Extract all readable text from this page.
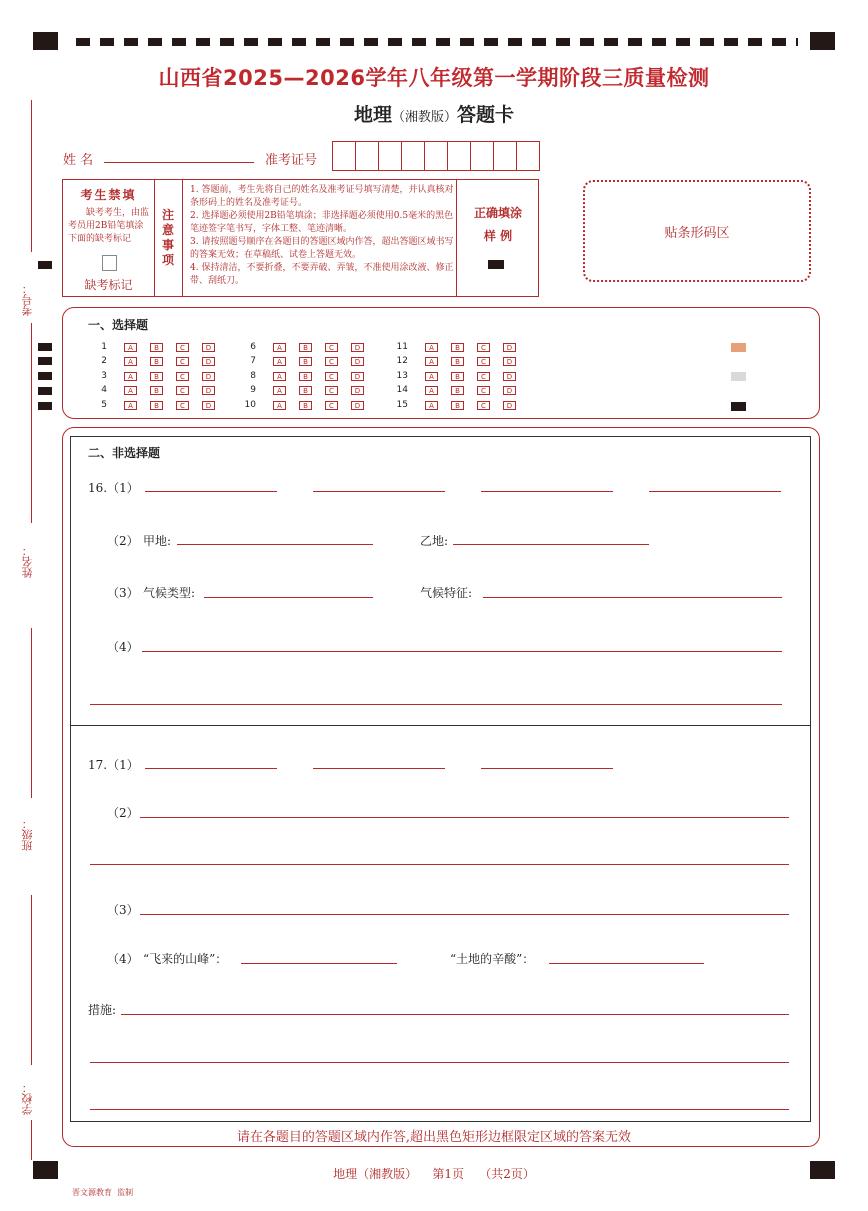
山西省2025—2026学年八年级第一学期阶段三质量检测
地理（湘教版）答题卡
考号：
姓名：
班级：
学校：
姓 名	准考证号
考生禁填
缺考考生，由监考员用2B铅笔填涂下面的缺考标记
缺考标记
注意事项
1. 答题前，考生先将自己的姓名及准考证号填写清楚，并认真核对条形码上的姓名及准考证号。
2. 选择题必须使用2B铅笔填涂；非选择题必须使用0.5毫米的黑色笔迹签字笔书写，字体工整、笔迹清晰。
3. 请按照题号顺序在各题目的答题区域内作答，超出答题区域书写的答案无效；在草稿纸、试卷上答题无效。
4. 保持清洁，不要折叠，不要弄破、弄皱，不准使用涂改液、修正带、刮纸刀。
正确填涂
样 例	贴条形码区
一、选择题
1	A	B	C	D
2	A	B	C	D
3	A	B	C	D
4	A	B	C	D
5	A	B	C	D
6	A	B	C	D
7	A	B	C	D
8	A	B	C	D
9	A	B	C	D
10	A	B	C	D
11	A	B	C	D
12	A	B	C	D
13	A	B	C	D
14	A	B	C	D
15	A	B	C	D
二、非选择题
16.（1）
（2） 甲地:	乙地:
（3） 气候类型:	气候特征:
（4）
17.（1）
（2）
（3）
（4） “飞来的山峰”：	“土地的辛酸”：
措施:
请在各题目的答题区域内作答,超出黑色矩形边框限定区域的答案无效
地理（湘教版）    第1页    （共2页）
晋文源教育  监制
